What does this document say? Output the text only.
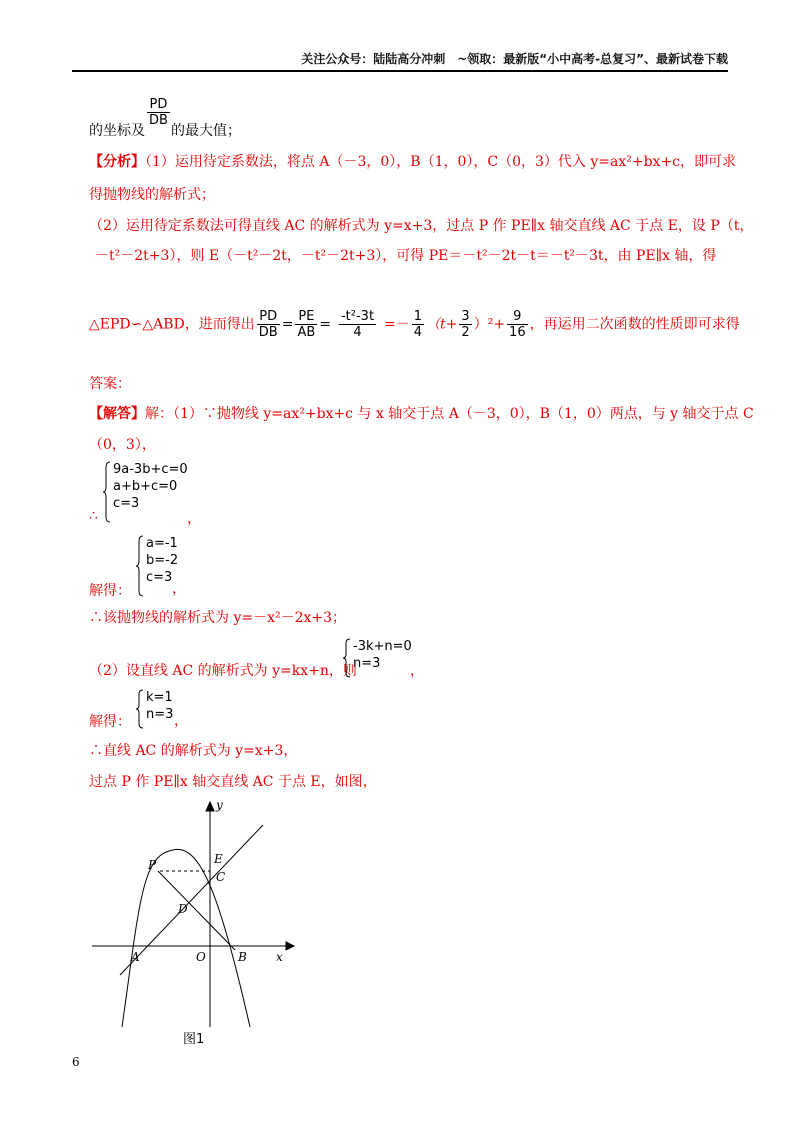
关注公众号：陆陆高分冲刺　~领取：最新版“小中高考-总复习”、最新试卷下载
$\frac{PD}{DB}$
的坐标及 的最大值；
【分析】（1）运用待定系数法，将点 A（－3，0），B（1，0），C（0，3）代入 y=ax²+bx+c，即可求
得抛物线的解析式；
（2）运用待定系数法可得直线 AC 的解析式为 y=x+3，过点 P 作 PE∥x 轴交直线 AC 于点 E，设 P（t，
－t²－2t+3），则 E（－t²－2t，－t²－2t+3），可得 PE＝－t²－2t－t＝－t²－3t，由 PE∥x 轴，得
△EPD∽△ABD，进而得出 $\frac{PD}{DB} = \frac{PE}{AB} = \frac{\text{-t²-3t}}{4} =- \frac{1}{4} (t+ \frac{3}{2} )^2+ \frac{9}{16}$ ，再运用二次函数的性质即可求得
答案：
【解答】解：（1）∵抛物线 y=ax²+bx+c 与 x 轴交于点 A（－3，0），B（1，0）两点，与 y 轴交于点 C
（0，3），
9a-3b+c=0
a+b+c=0
c=3
∴	，
a=-1
b=-2
c=3
解得：	，
∴该抛物线的解析式为 y=－x²－2x+3；
（2）设直线 AC 的解析式为 y=kx+n，则
-3k+n=0
n=3	，
k=1
n=3
解得：	，
∴直线 AC 的解析式为 y=x+3，
过点 P 作 PE∥x 轴交直线 AC 于点 E，如图，
y
x
P	E
C
D
A	O	B
图1
6
